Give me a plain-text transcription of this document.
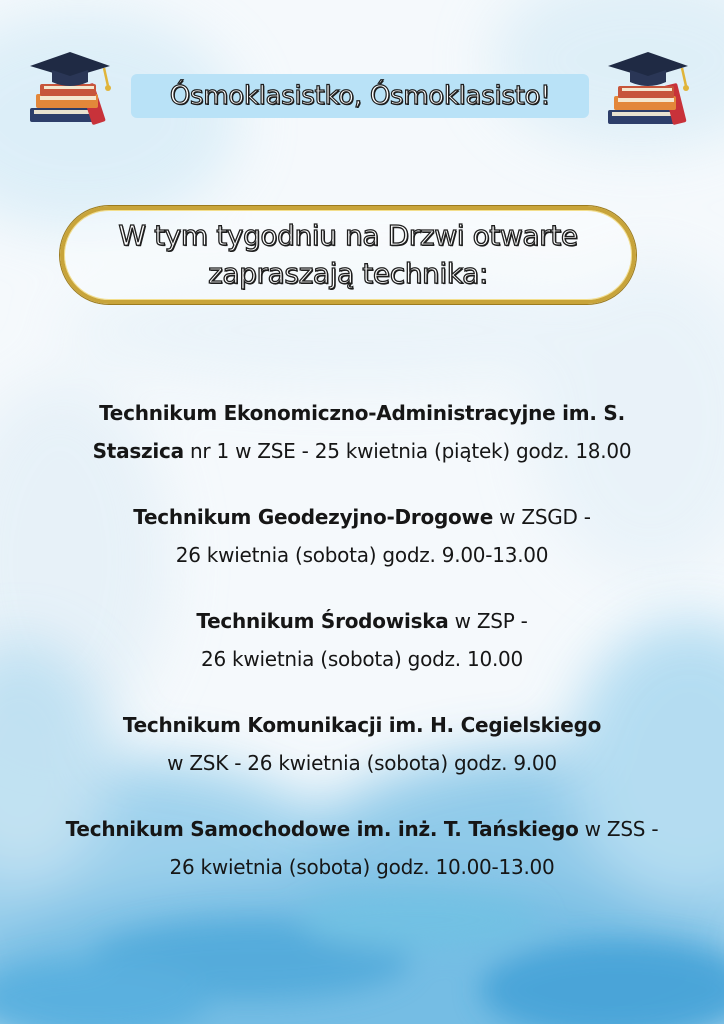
Ósmoklasistko, Ósmoklasisto!
W tym tygodniu na Drzwi otwarte
zapraszają technika:
Technikum Ekonomiczno-Administracyjne im. S.
Staszica nr 1 w ZSE - 25 kwietnia (piątek) godz. 18.00
Technikum Geodezyjno-Drogowe w ZSGD -
26 kwietnia (sobota) godz. 9.00-13.00
Technikum Środowiska w ZSP -
26 kwietnia (sobota) godz. 10.00
Technikum Komunikacji im. H. Cegielskiego
w ZSK - 26 kwietnia (sobota) godz. 9.00
Technikum Samochodowe im. inż. T. Tańskiego w ZSS -
26 kwietnia (sobota) godz. 10.00-13.00
